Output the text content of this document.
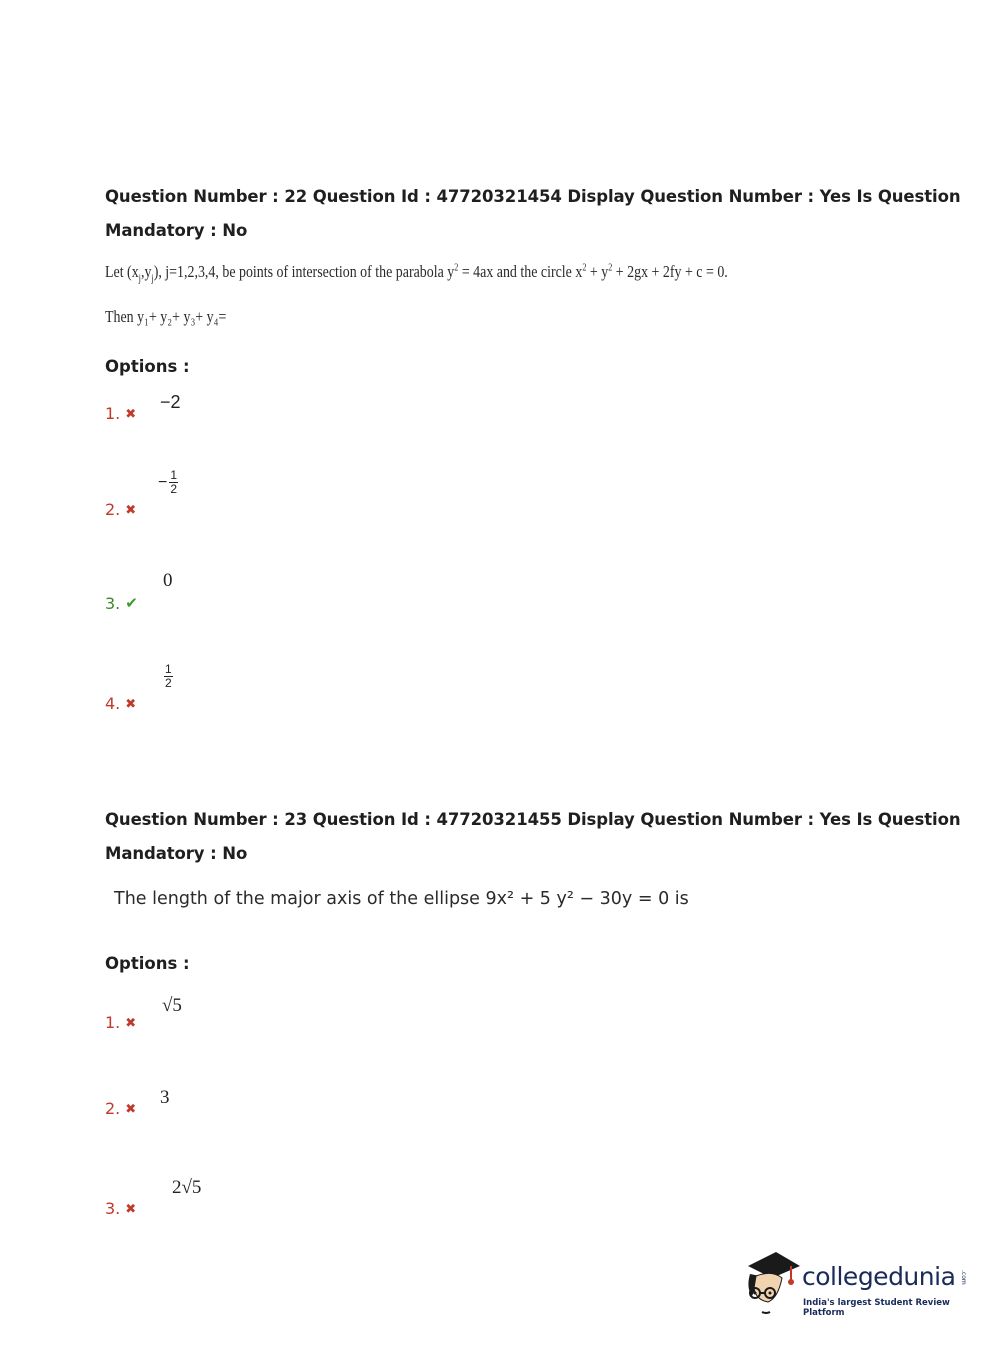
Question Number : 22 Question Id : 47720321454 Display Question Number : Yes Is Question
Mandatory : No
Let $(x_j,y_j)$, j=1,2,3,4, be points of intersection of the parabola $y^2 = 4ax$ and the circle $x^2 + y^2 + 2gx + 2fy + c = 0$.
Then y₁+ y₂+ y₃+ y₄=
Options :
1. ✖
−2
2. ✖
− $\frac{1}{2}$
3. ✔
0
4. ✖
$\frac{1}{2}$
Question Number : 23 Question Id : 47720321455 Display Question Number : Yes Is Question
Mandatory : No
The length of the major axis of the ellipse 9x² + 5 y² − 30y = 0 is
Options :
1. ✖
√5
2. ✖
3
3. ✖
2√5
collegedunia .com
India's largest Student Review Platform
